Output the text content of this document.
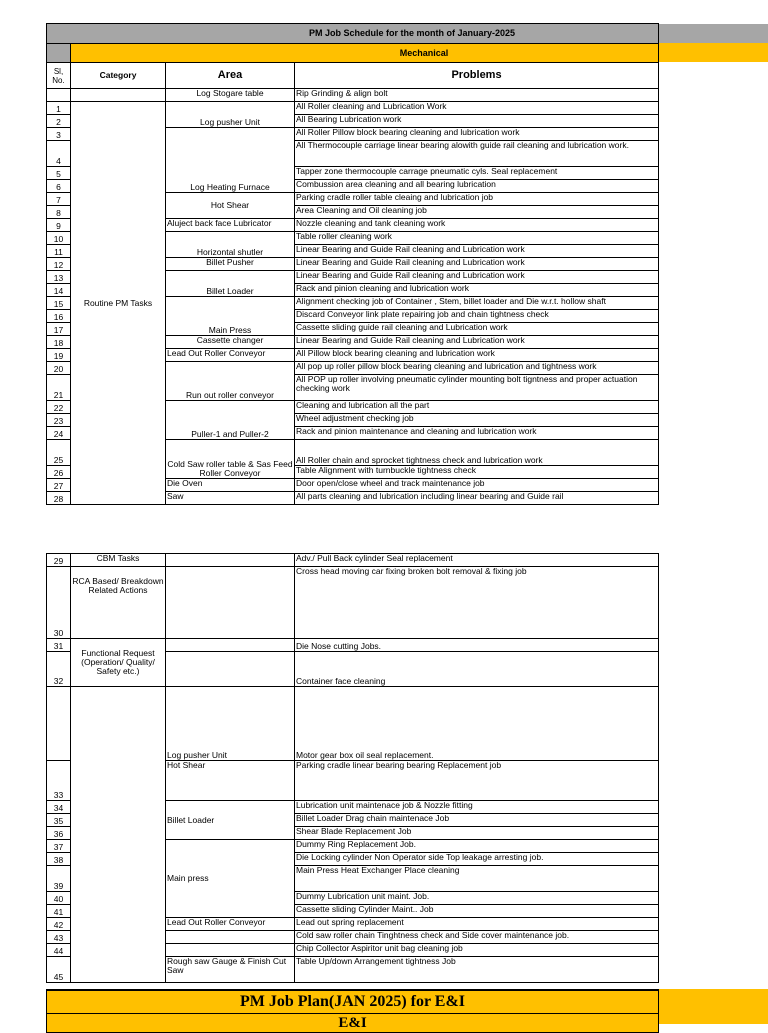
PM Job Schedule for the month of January-2025			
	Mechanical		
Sl, No.	Category	Area	Problems
		Log Stogare table	Rip Grinding & align bolt
1	Routine PM Tasks	Log pusher Unit	All Roller cleaning and Lubrication Work
2			All Bearing Lubrication work
3		Log Heating Furnace	All Roller Pillow block bearing cleaning and lubrication work
4			All Thermocouple carriage linear bearing alowith guide rail cleaning and lubrication work.
5			Tapper zone thermocouple carrage pneumatic cyls. Seal replacement
6			Combussion area cleaning and all bearing lubrication
7		Hot Shear	Parking cradle roller table cleaing and lubrication job
8			Area Cleaning and Oil cleaning job
9		Aluject back face Lubricator	Nozzle cleaning and tank cleaning work
10		Horizontal shutler	Table roller cleaning work
11			Linear Bearing and Guide Rail cleaning and Lubrication work
12		Billet Pusher	Linear Bearing and Guide Rail cleaning and Lubrication work
13		Billet Loader	Linear Bearing and Guide Rail cleaning and Lubrication work
14			Rack and pinion cleaning and lubrication work
15		Main Press	Alignment checking job of Container , Stem, billet loader and Die w.r.t. hollow shaft
16			Discard Conveyor link plate repairing job and chain tightness check
17			Cassette sliding guide rail cleaning and Lubrication work
18		Cassette changer	Linear Bearing and Guide Rail cleaning and Lubrication work
19		Lead Out Roller Conveyor	All Pillow block bearing cleaning and lubrication work
20		Run out roller conveyor	All pop up roller pillow block bearing cleaning and lubrication and tightness work
21			All POP up roller involving pneumatic cylinder mounting bolt tigntness and proper actuation checking work
22		Puller-1 and Puller-2	Cleaning and lubrication all the part
23			Wheel adjustment checking job
24			Rack and pinion maintenance and cleaning and lubrication work
25		Cold Saw roller table & Sas Feed Roller Conveyor	All Roller chain and sprocket tightness check and lubrication work
26			Table Alignment with turnbuckle tightness check
27		Die Oven	Door open/close wheel and track maintenance job
28		Saw	All parts cleaning and lubrication including linear bearing and Guide rail
29	CBM Tasks		Adv./ Pull Back cylinder Seal replacement
30	RCA Based/ Breakdown Related Actions		Cross head moving car fixing broken bolt removal & fixing job
31	Functional Request (Operation/ Quality/ Safety etc.)		Die Nose cutting Jobs.
32			Container face cleaning
		Log pusher Unit	Motor gear box oil seal replacement.
33		Hot Shear	Parking cradle linear bearing bearing Replacement job
34		Billet Loader	Lubrication unit maintenace job & Nozzle fitting
35			Billet Loader Drag chain maintenace Job
36			Shear Blade Replacement Job
37		Main press	Dummy Ring Replacement Job.
38			Die Locking cylinder Non Operator side Top leakage arresting job.
39			Main Press Heat Exchanger Place cleaning
40			Dummy Lubrication unit maint. Job.
41			Cassette sliding Cylinder Maint.. Job
42		Lead Out Roller Conveyor	Lead out spring replacement
43			Cold saw roller chain Tinghtness check and Side cover maintenance job.
44			Chip Collector Aspiritor unit bag cleaning job
45		Rough saw Gauge & Finish Cut Saw	Table Up/down Arrangement tightness Job
PM Job Plan(JAN 2025) for E&I
E&I
